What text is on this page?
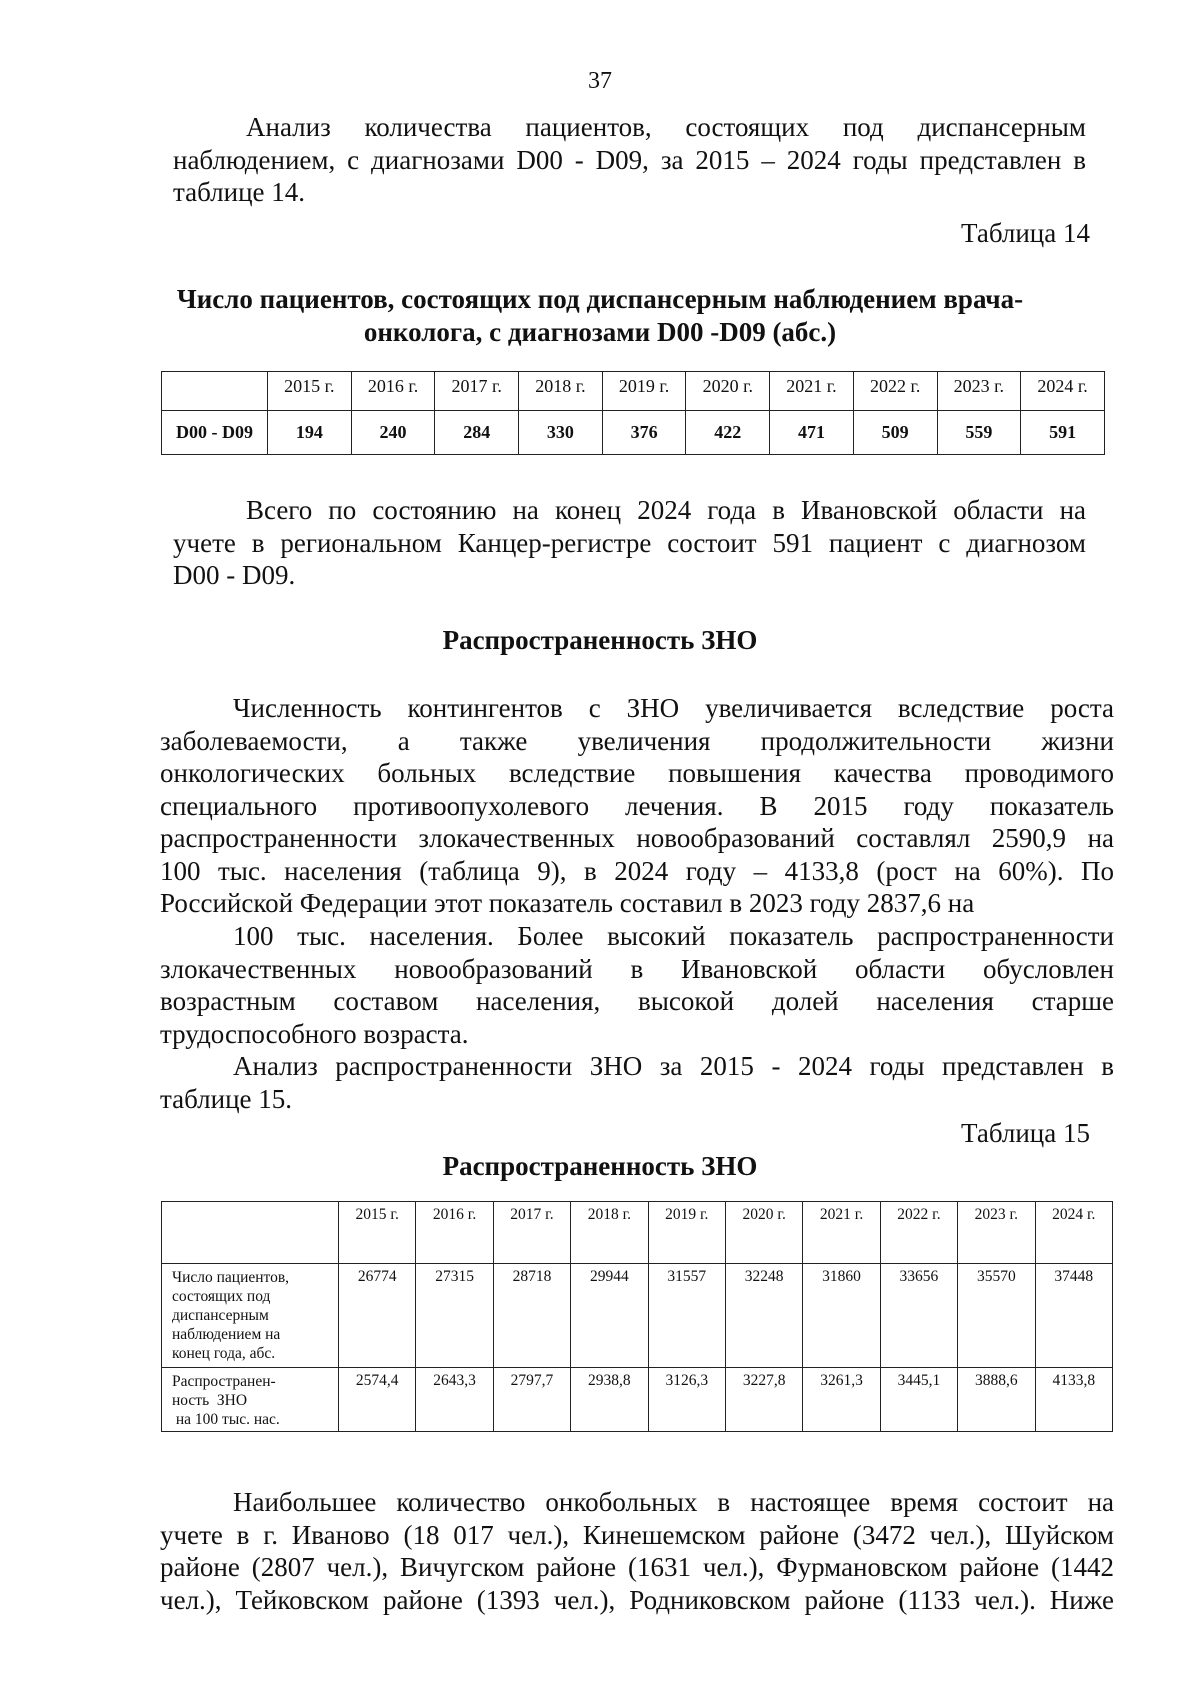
37
Анализ количества пациентов, состоящих под диспансерным
наблюдением, с диагнозами D00 - D09, за 2015 – 2024 годы представлен в
таблице 14.
Таблица 14
Число пациентов, состоящих под диспансерным наблюдением врача-
онколога, с диагнозами D00 -D09 (абс.)
	2015 г.	2016 г.	2017 г.	2018 г.	2019 г.	2020 г.	2021 г.	2022 г.	2023 г.	2024 г.
D00 - D09	194	240	284	330	376	422	471	509	559	591
Всего по состоянию на конец 2024 года в Ивановской области на
учете в региональном Канцер-регистре состоит 591 пациент с диагнозом
D00 - D09.
Распространенность ЗНО
Численность контингентов с ЗНО увеличивается вследствие роста
заболеваемости, а также увеличения продолжительности жизни
онкологических больных вследствие повышения качества проводимого
специального противоопухолевого лечения. В 2015 году показатель
распространенности злокачественных новообразований составлял 2590,9 на
100 тыс. населения (таблица 9), в 2024 году – 4133,8 (рост на 60%). По
Российской Федерации этот показатель составил в 2023 году 2837,6 на
100 тыс. населения. Более высокий показатель распространенности
злокачественных новообразований в Ивановской области обусловлен
возрастным составом населения, высокой долей населения старше
трудоспособного возраста.
Анализ распространенности ЗНО за 2015 - 2024 годы представлен в
таблице 15.
Таблица 15
Распространенность ЗНО
	2015 г.	2016 г.	2017 г.	2018 г.	2019 г.	2020 г.	2021 г.	2022 г.	2023 г.	2024 г.

Число пациентов,
состоящих под
диспансерным
наблюдением на
конец года, абс.	26774	27315	28718	29944	31557	32248	31860	33656	35570	37448

Распространен-
ность  ЗНО
на 100 тыс. нас.	2574,4	2643,3	2797,7	2938,8	3126,3	3227,8	3261,3	3445,1	3888,6	4133,8
Наибольшее количество онкобольных в настоящее время состоит на
учете в г. Иваново (18 017 чел.), Кинешемском районе (3472 чел.), Шуйском
районе (2807 чел.), Вичугском районе (1631 чел.), Фурмановском районе (1442
чел.), Тейковском районе (1393 чел.), Родниковском районе (1133 чел.). Ниже
